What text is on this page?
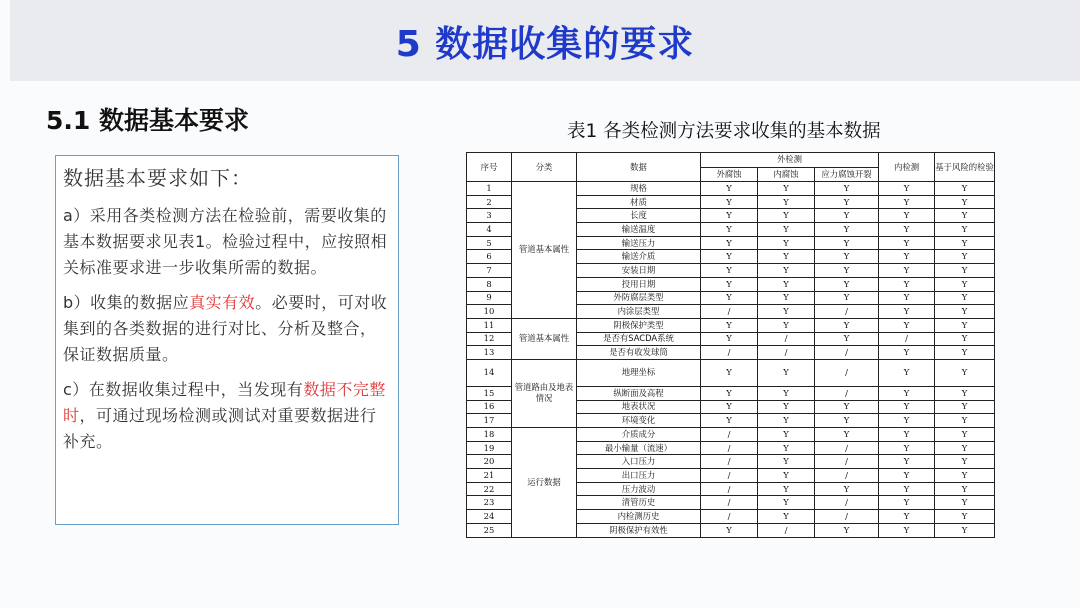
5 数据收集的要求
5.1 数据基本要求
数据基本要求如下：

a）采用各类检测方法在检验前，需要收集的基本数据要求见表1。检验过程中，应按照相关标准要求进一步收集所需的数据。

b）收集的数据应真实有效。必要时，可对收集到的各类数据的进行对比、分析及整合，保证数据质量。

c）在数据收集过程中，当发现有数据不完整时，可通过现场检测或测试对重要数据进行补充。

表1 各类检测方法要求收集的基本数据
序号	分类	数据	外检测			内检测	基于风险的检验
			外腐蚀	内腐蚀	应力腐蚀开裂		
1	管道基本属性	规格	Y	Y	Y	Y	Y
2		材质	Y	Y	Y	Y	Y
3		长度	Y	Y	Y	Y	Y
4		输送温度	Y	Y	Y	Y	Y
5		输送压力	Y	Y	Y	Y	Y
6		输送介质	Y	Y	Y	Y	Y
7		安装日期	Y	Y	Y	Y	Y
8		投用日期	Y	Y	Y	Y	Y
9		外防腐层类型	Y	Y	Y	Y	Y
10		内涂层类型	/	Y	/	Y	Y
11	管道基本属性	阴极保护类型	Y	Y	Y	Y	Y
12		是否有SACDA系统	Y	/	Y	/	Y
13		是否有收发球筒	/	/	/	Y	Y
14	管道路由及地表情况	地理坐标	Y	Y	/	Y	Y
15		纵断面及高程	Y	Y	/	Y	Y
16		地表状况	Y	Y	Y	Y	Y
17		环境变化	Y	Y	Y	Y	Y
18	运行数据	介质成分	/	Y	Y	Y	Y
19		最小输量（流速）	/	Y	/	Y	Y
20		入口压力	/	Y	/	Y	Y
21		出口压力	/	Y	/	Y	Y
22		压力波动	/	Y	Y	Y	Y
23		清管历史	/	Y	/	Y	Y
24		内检测历史	/	Y	/	Y	Y
25		阴极保护有效性	Y	/	Y	Y	Y
